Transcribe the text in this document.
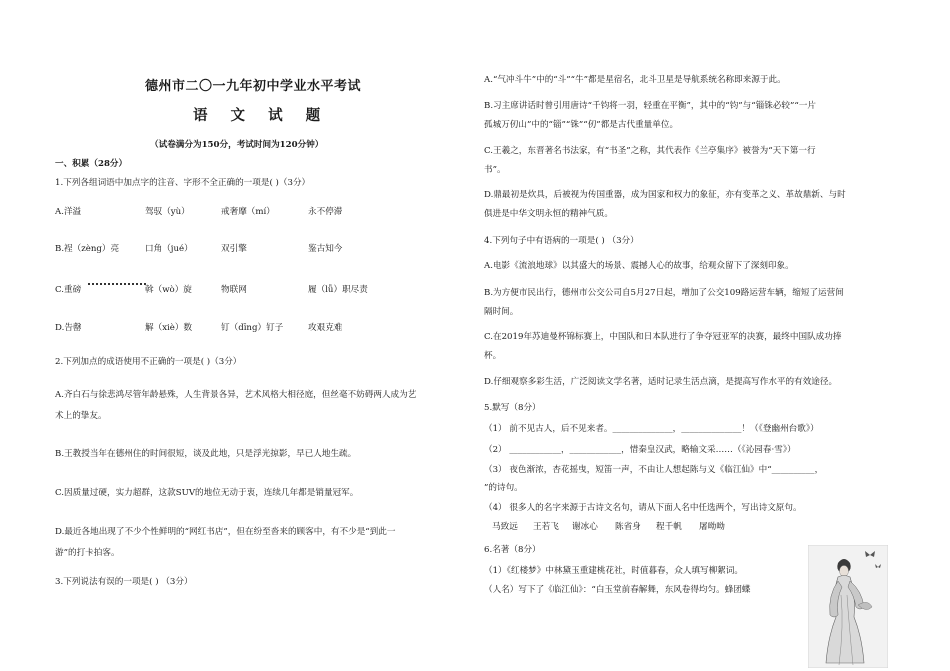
德州市二〇一九年初中学业水平考试
语 文 试 题
（试卷满分为150分，考试时间为120分钟）
一、积累（28分）
1.下列各组词语中加点字的注音、字形不全正确的一项是( )（3分）
A.洋溢	驾驭（yù）	戒奢靡（mí）	永不停滞
B.裎（zèng）亮	口角（jué）	双引擎	鉴古知今
C.重磅	斡（wò）旋	物联网	履（lǚ）职尽责
D.告罄	解（xiè）数	钉（dīng）钉子	攻艰克难
2.下列加点的成语使用不正确的一项是( )（3分）
A.齐白石与徐悲鸿尽管年龄悬殊，人生背景各异，艺术风格大相径庭，但丝毫不妨碍两人成为艺
术上的挚友。
B.王教授当年在德州住的时间很短，谈及此地，只是浮光掠影，早已人地生疏。
C.因质量过硬，实力超群，这款SUV的地位无动于衷，连续几年都是销量冠军。
D.最近各地出现了不少个性鲜明的“网红书店”，但在纷至沓来的顾客中，有不少是“到此一
游”的打卡拍客。
3.下列说法有误的一项是( ) （3分）
A.“气冲斗牛”中的“斗”“牛”都是星宿名，北斗卫星是导航系统名称即来源于此。
B.习主席讲话时曾引用唐诗“千钧将一羽，轻重在平衡”，其中的“钧”与“锱铢必较”“一片
孤城万仞山”中的“锱”“铢”“仞”都是古代重量单位。
C.王羲之，东晋著名书法家，有“书圣”之称，其代表作《兰亭集序》被誉为“天下第一行
书”。
D.鼎最初是炊具，后被视为传国重器，成为国家和权力的象征，亦有变革之义、革故鼎新、与时
俱进是中华文明永恒的精神气质。
4.下列句子中有语病的一项是( ) （3分）
A.电影《流浪地球》以其盛大的场景、震撼人心的故事，给观众留下了深刻印象。
B.为方便市民出行，德州市公交公司自5月27日起，增加了公交109路运营车辆，缩短了运营间
隔时间。
C.在2019年苏迪曼杯锦标赛上，中国队和日本队进行了争夺冠亚军的决赛，最终中国队成功捧
杯。
D.仔细观察多彩生活，广泛阅读文学名著，适时记录生活点滴，是提高写作水平的有效途径。
5.默写（8分）
（1） 前不见古人，后不见来者。______________，______________！（《登幽州台歌》）
（2） ____________，____________，惜秦皇汉武，略输文采……（《沁园春·雪》）
（3） 夜色渐浓，杏花摇曳，短笛一声，不由让人想起陈与义《临江仙》中“__________，
”的诗句。
（4） 很多人的名字来源于古诗文名句，请从下面人名中任选两个，写出诗文原句。
马致远 王若飞 谢冰心 陈省身 程千帆 屠呦呦
6.名著（8分）
（1）《红楼梦》中林黛玉重建桃花社，时值暮春，众人填写柳絮词。
（人名）写下了《临江仙》：“白玉堂前春解舞，东风卷得均匀。蜂团蝶
